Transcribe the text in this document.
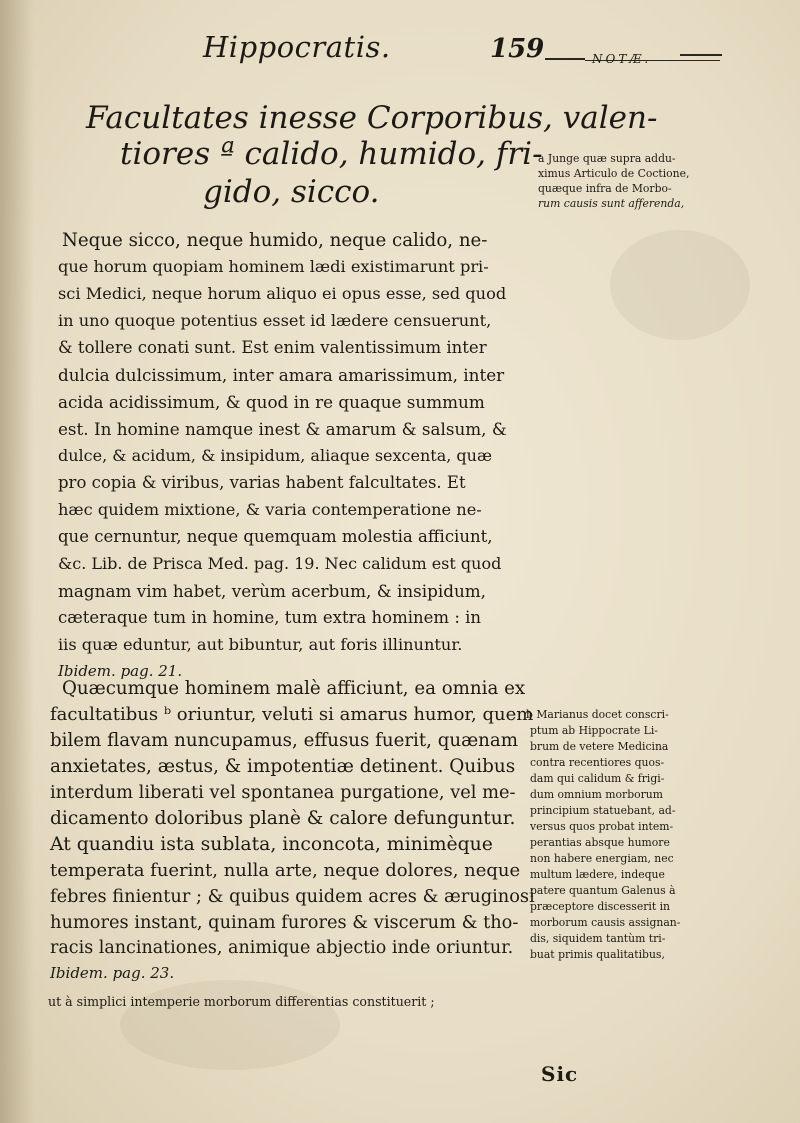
Hippocratis.	159	NOTÆ.
Facultates inesse Corporibus, valen-
tiores ª calido, humido, fri-
gido, sicco.
Neque sicco, neque humido, neque calido, ne-
que horum quopiam hominem lædi existimarunt pri-
sci Medici, neque horum aliquo ei opus esse, sed quod
in uno quoque potentius esset id lædere censuerunt,
& tollere conati sunt. Est enim valentissimum inter
dulcia dulcissimum, inter amara amarissimum, inter
acida acidissimum, & quod in re quaque summum
est. In homine namque inest & amarum & salsum, &
dulce, & acidum, & insipidum, aliaque sexcenta, quæ
pro copia & viribus, varias habent falcultates. Et
hæc quidem mixtione, & varia contemperatione ne-
que cernuntur, neque quemquam molestia afficiunt,
&c. Lib. de Prisca Med. pag. 19. Nec calidum est quod
magnam vim habet, verùm acerbum, & insipidum,
cæteraque tum in homine, tum extra hominem : in
iis quæ eduntur, aut bibuntur, aut foris illinuntur.
Ibidem. pag. 21.
Quæcumque hominem malè afficiunt, ea omnia ex
facultatibus ᵇ oriuntur, veluti si amarus humor, quem
bilem flavam nuncupamus, effusus fuerit, quænam
anxietates, æstus, & impotentiæ detinent. Quibus
interdum liberati vel spontanea purgatione, vel me-
dicamento doloribus planè & calore defunguntur.
At quandiu ista sublata, inconcota, minimèque
temperata fuerint, nulla arte, neque dolores, neque
febres finientur ; & quibus quidem acres & æruginosi
humores instant, quinam furores & viscerum & tho-
racis lancinationes, animique abjectio inde oriuntur.
Ibidem. pag. 23.
ut à simplici intemperie morborum differentias constituerit ;
a Junge quæ supra addu-
ximus Articulo de Coctione,
quæque infra de Morbo-
rum causis sunt afferenda,
b Marianus docet conscri-
ptum ab Hippocrate Li-
brum de vetere Medicina
contra recentiores quos-
dam qui calidum & frigi-
dum omnium morborum
principium statuebant, ad-
versus quos probat intem-
perantias absque humore
non habere energiam, nec
multum lædere, indeque
patere quantum Galenus à
præceptore discesserit in
morborum causis assignan-
dis, siquidem tantùm tri-
buat primis qualitatibus,
Sic
